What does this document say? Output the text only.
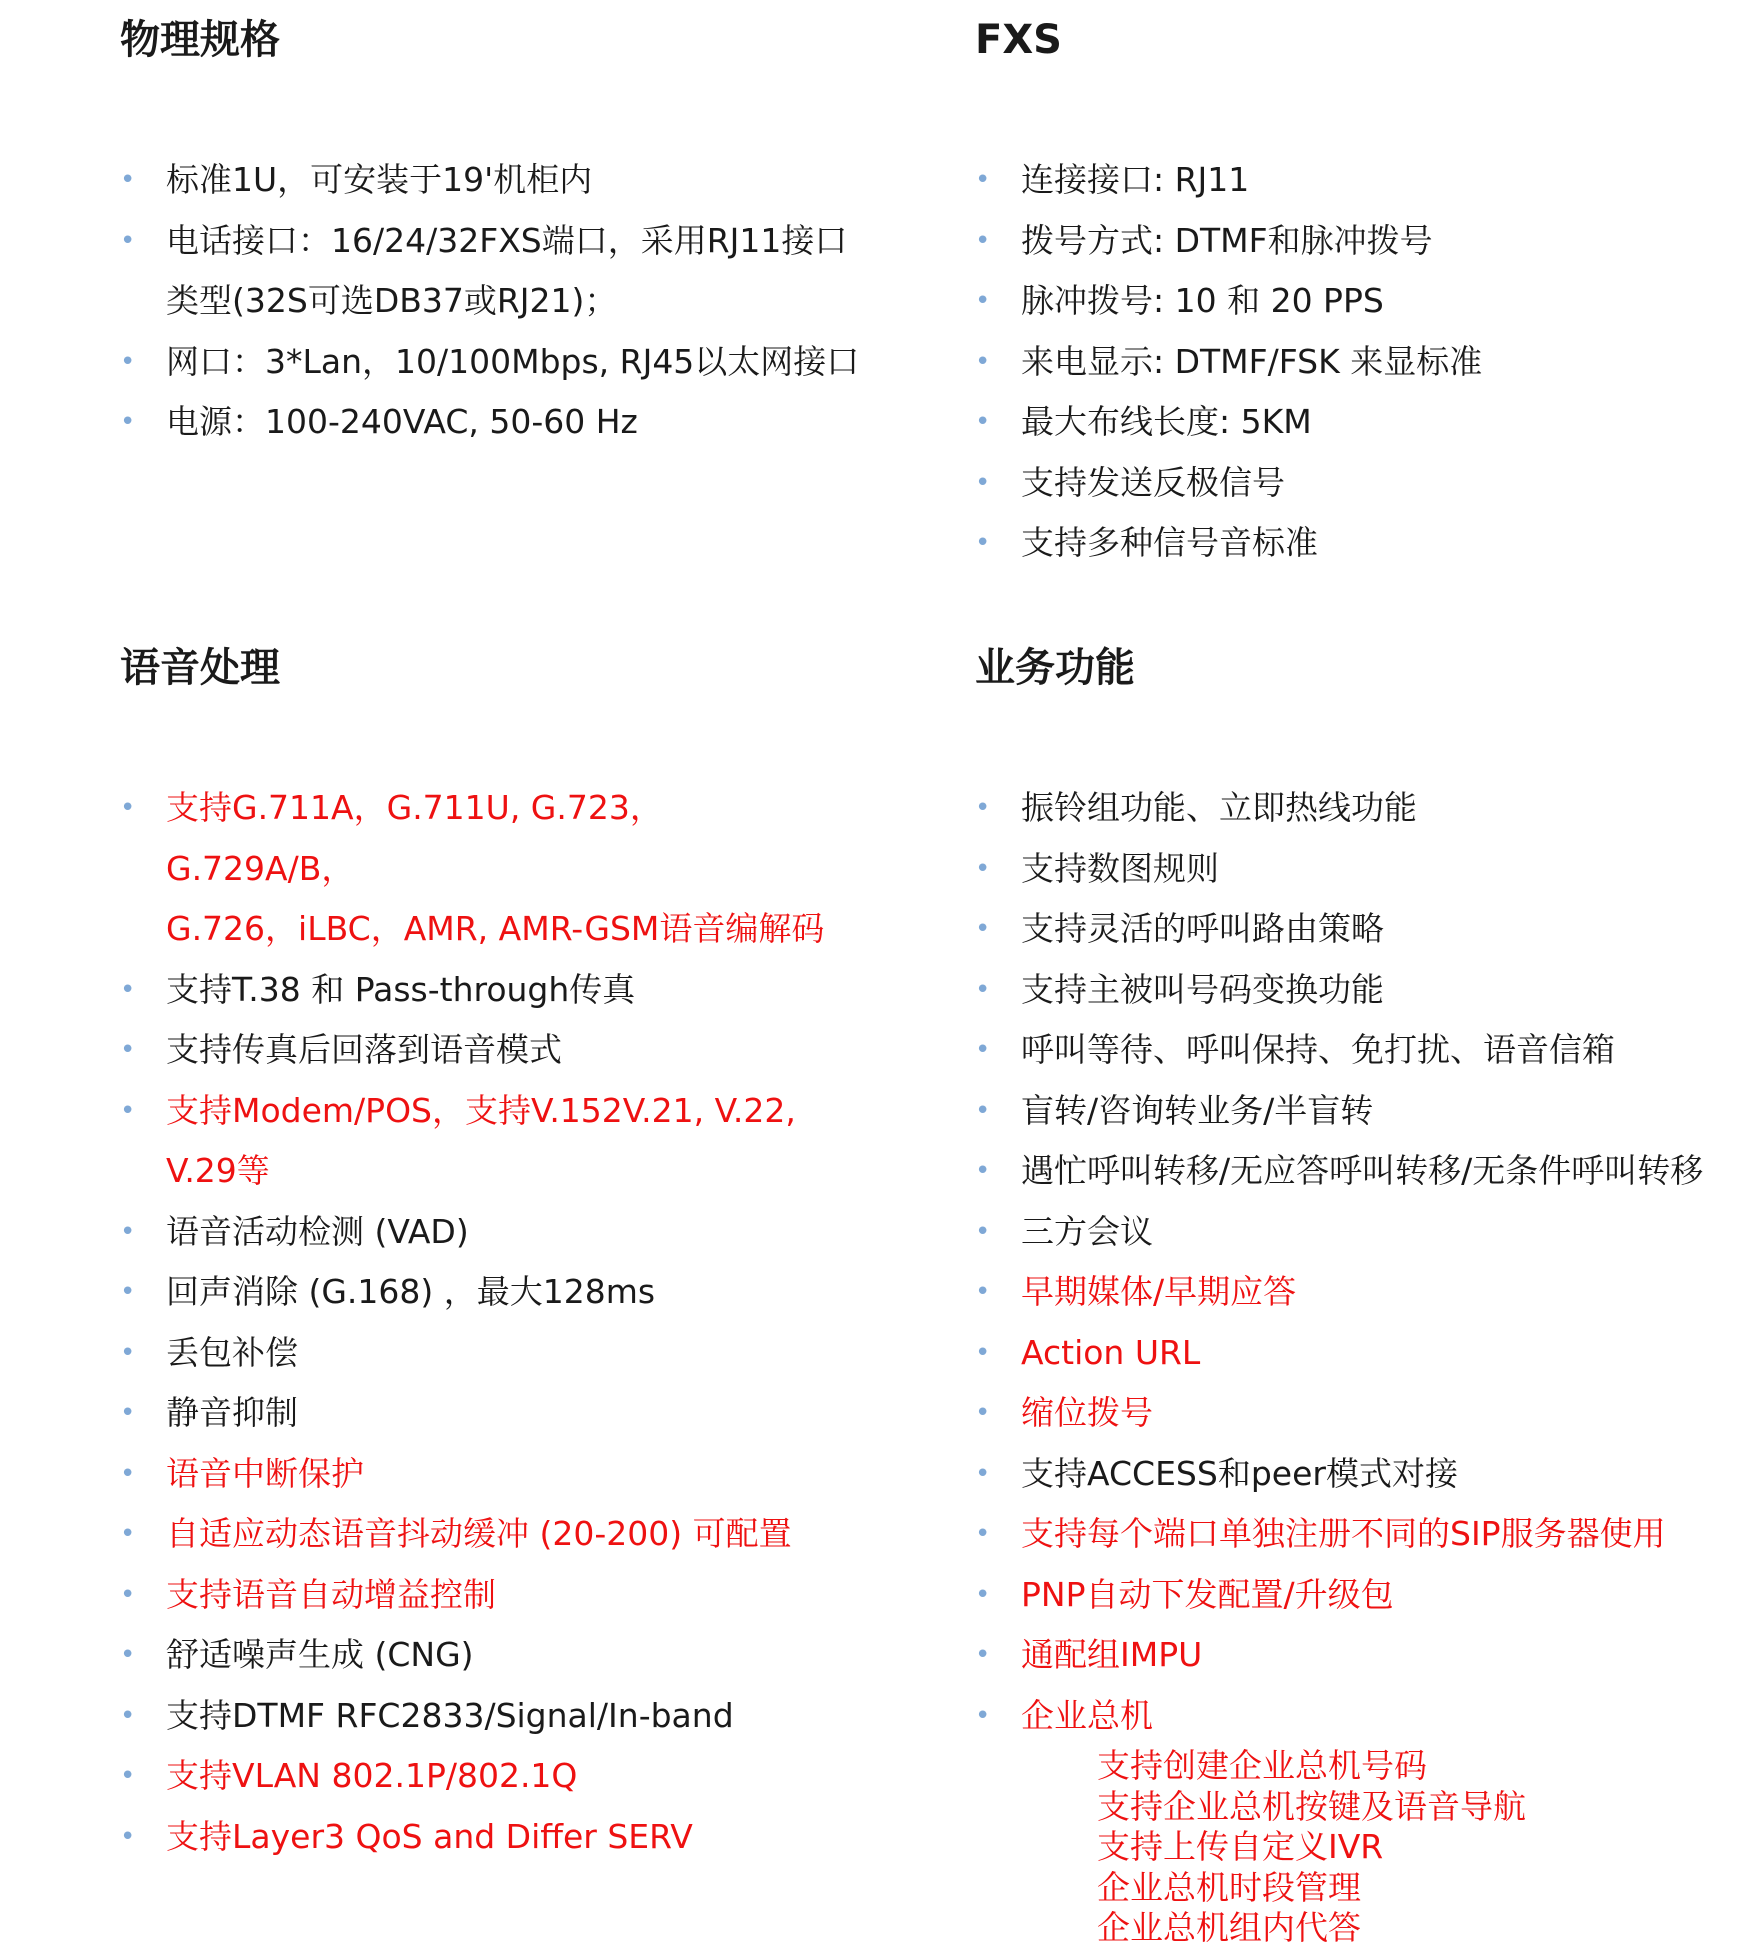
物理规格
• 标准1U，可安装于19'机柜内
• 电话接口：16/24/32FXS端口，采用RJ11接口
类型(32S可选DB37或RJ21)；
• 网口：3*Lan，10/100Mbps, RJ45以太网接口
• 电源：100-240VAC, 50-60 Hz
FXS
• 连接接口: RJ11
• 拨号方式: DTMF和脉冲拨号
• 脉冲拨号: 10 和 20 PPS
• 来电显示: DTMF/FSK 来显标准
• 最大布线长度: 5KM
• 支持发送反极信号
• 支持多种信号音标准
语音处理
• 支持G.711A，G.711U, G.723， G.729A/B，
G.726，iLBC，AMR, AMR-GSM语音编解码
• 支持T.38 和 Pass-through传真
• 支持传真后回落到语音模式
• 支持Modem/POS，支持V.152V.21, V.22,
V.29等
• 语音活动检测 (VAD)
• 回声消除 (G.168) ，最大128ms
• 丢包补偿
• 静音抑制
• 语音中断保护
• 自适应动态语音抖动缓冲 (20-200) 可配置
• 支持语音自动增益控制
• 舒适噪声生成 (CNG)
• 支持DTMF RFC2833/Signal/In-band
• 支持VLAN 802.1P/802.1Q
• 支持Layer3 QoS and Differ SERV
业务功能
• 振铃组功能、立即热线功能
• 支持数图规则
• 支持灵活的呼叫路由策略
• 支持主被叫号码变换功能
• 呼叫等待、呼叫保持、免打扰、语音信箱
• 盲转/咨询转业务/半盲转
• 遇忙呼叫转移/无应答呼叫转移/无条件呼叫转移
• 三方会议
• 早期媒体/早期应答
• Action URL
• 缩位拨号
• 支持ACCESS和peer模式对接
• 支持每个端口单独注册不同的SIP服务器使用
• PNP自动下发配置/升级包
• 通配组IMPU
• 企业总机
支持创建企业总机号码
支持企业总机按键及语音导航
支持上传自定义IVR
企业总机时段管理
企业总机组内代答
